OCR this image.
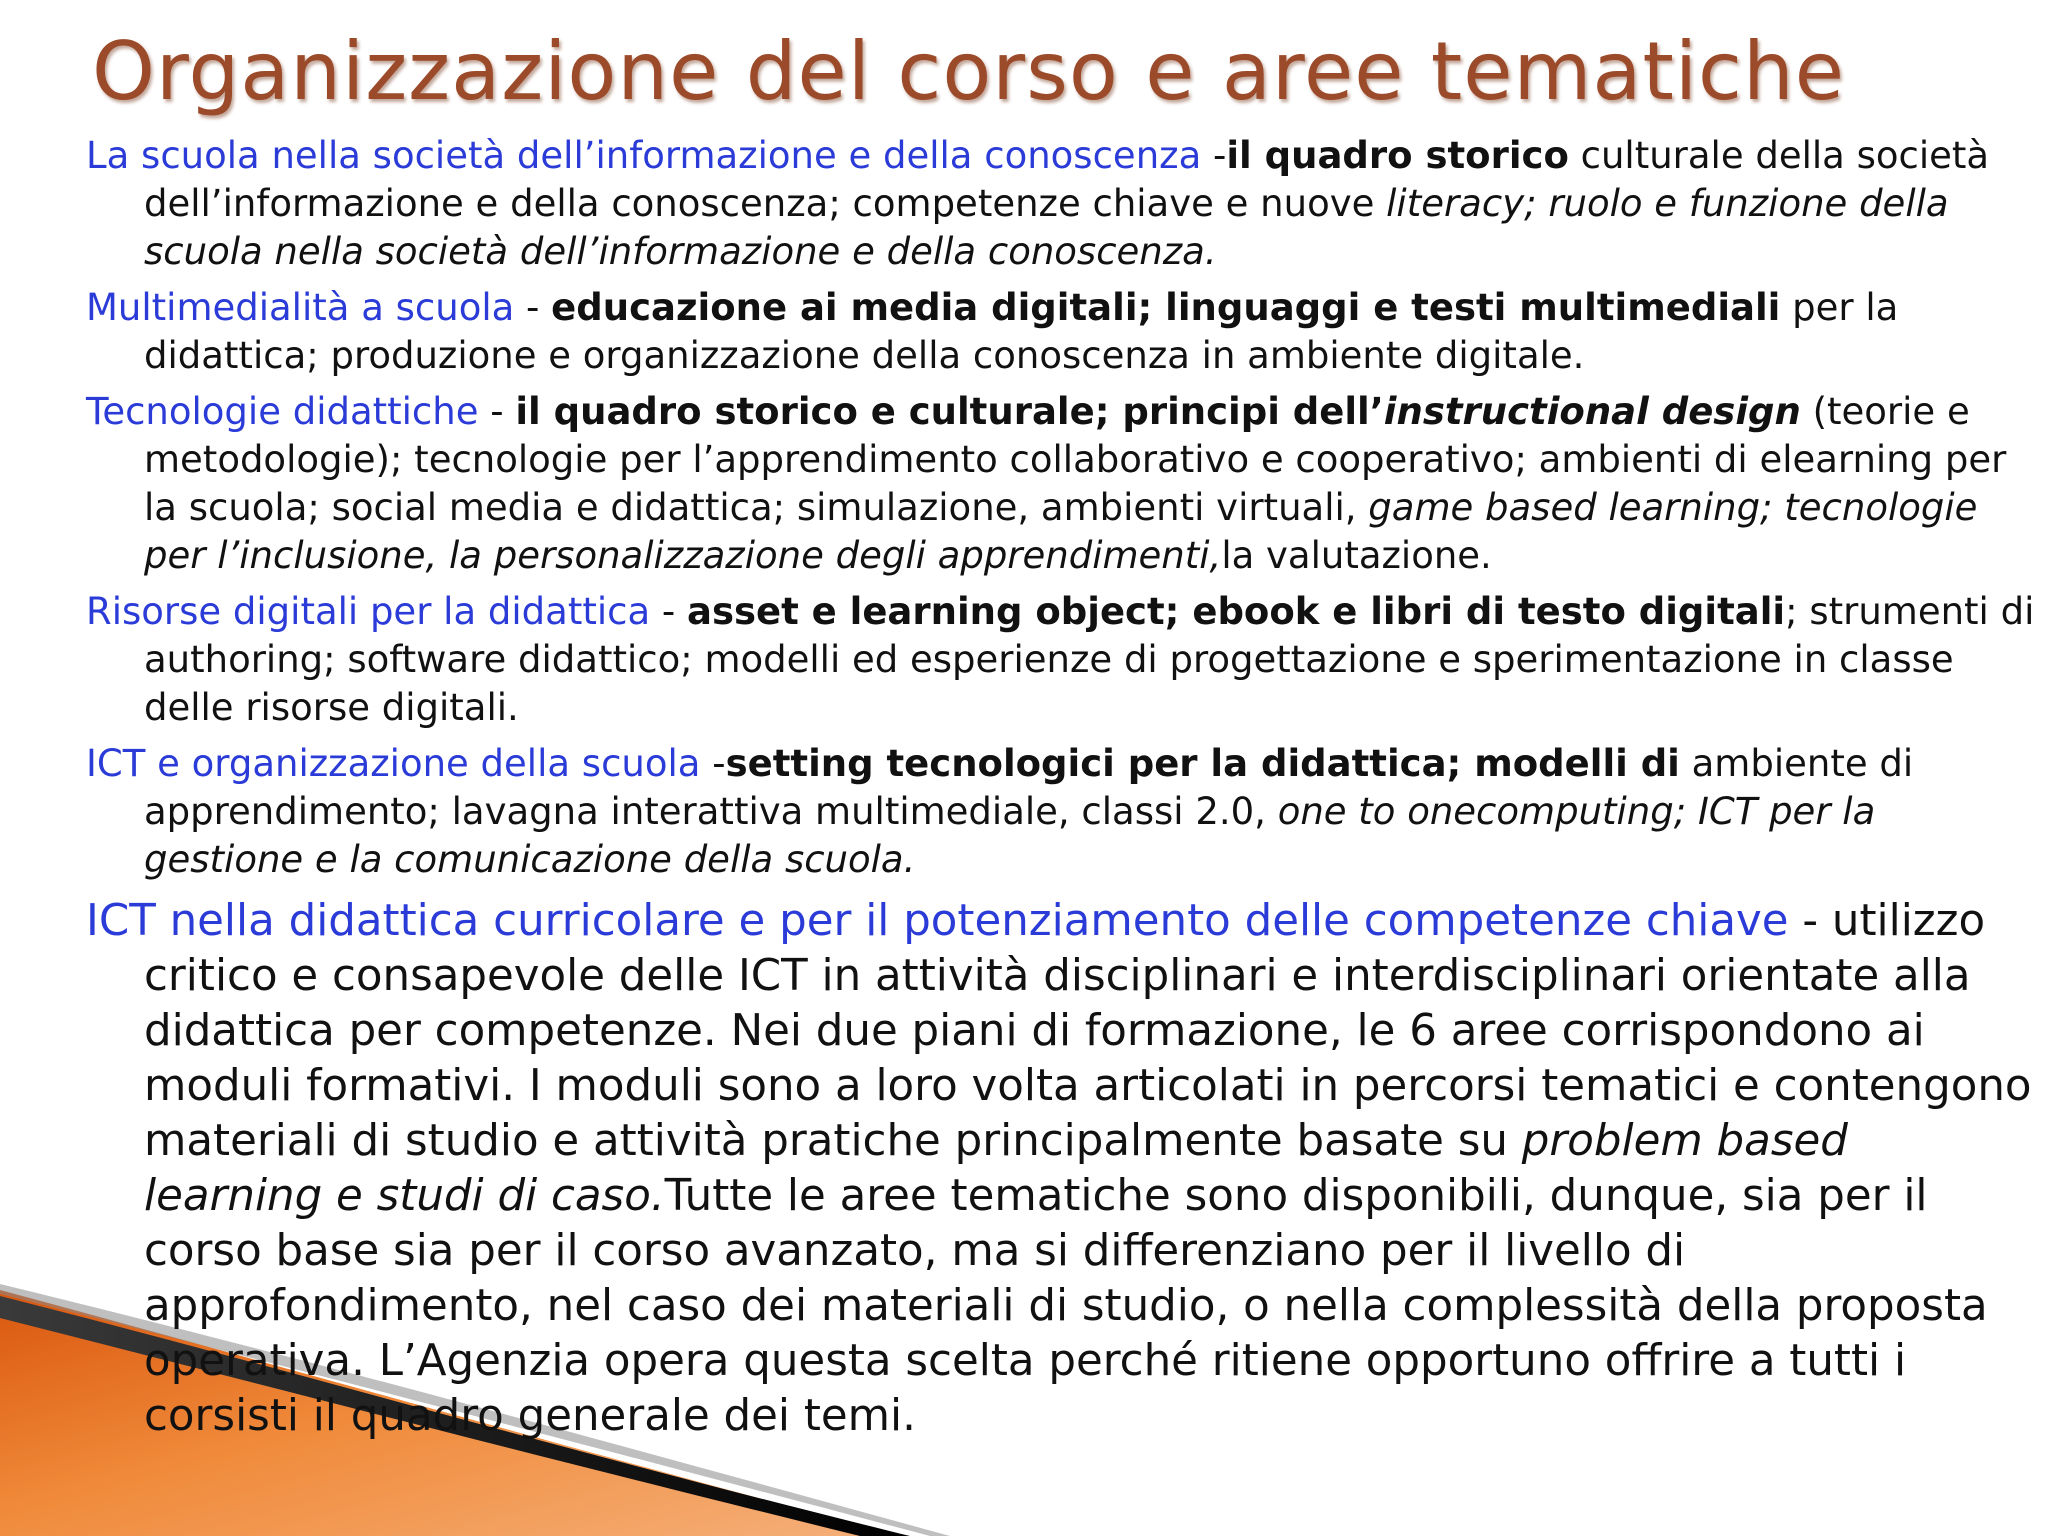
Organizzazione del corso e aree tematiche

La scuola nella società dell’informazione e della conoscenza -il quadro storico culturale della società dell’informazione e della conoscenza; competenze chiave e nuove literacy; ruolo e funzione della scuola nella società dell’informazione e della conoscenza.

Multimedialità a scuola - educazione ai media digitali; linguaggi e testi multimediali per la didattica; produzione e organizzazione della conoscenza in ambiente digitale.

Tecnologie didattiche - il quadro storico e culturale; principi dell’instructional design (teorie e metodologie); tecnologie per l’apprendimento collaborativo e cooperativo; ambienti di elearning per la scuola; social media e didattica; simulazione, ambienti virtuali, game based learning; tecnologie per l’inclusione, la personalizzazione degli apprendimenti,la valutazione.

Risorse digitali per la didattica - asset e learning object; ebook e libri di testo digitali; strumenti di authoring; software didattico; modelli ed esperienze di progettazione e sperimentazione in classe delle risorse digitali.

ICT e organizzazione della scuola -setting tecnologici per la didattica; modelli di ambiente di apprendimento; lavagna interattiva multimediale, classi 2.0, one to onecomputing; ICT per la gestione e la comunicazione della scuola.

ICT nella didattica curricolare e per il potenziamento delle competenze chiave - utilizzo critico e consapevole delle ICT in attività disciplinari e interdisciplinari orientate alla didattica per competenze. Nei due piani di formazione, le 6 aree corrispondono ai moduli formativi. I moduli sono a loro volta articolati in percorsi tematici e contengono materiali di studio e attività pratiche principalmente basate su problem based learning e studi di caso.Tutte le aree tematiche sono disponibili, dunque, sia per il corso base sia per il corso avanzato, ma si differenziano per il livello di approfondimento, nel caso dei materiali di studio, o nella complessità della proposta operativa. L’Agenzia opera questa scelta perché ritiene opportuno offrire a tutti i corsisti il quadro generale dei temi.
